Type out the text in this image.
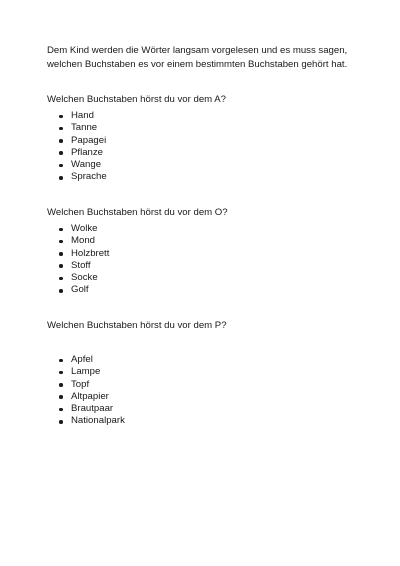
Dem Kind werden die Wörter langsam vorgelesen und es muss sagen,
welchen Buchstaben es vor einem bestimmten Buchstaben gehört hat.
Welchen Buchstaben hörst du vor dem A?
Hand
Tanne
Papagei
Pflanze
Wange
Sprache
Welchen Buchstaben hörst du vor dem O?
Wolke
Mond
Holzbrett
Stoff
Socke
Golf
Welchen Buchstaben hörst du vor dem P?
Apfel
Lampe
Topf
Altpapier
Brautpaar
Nationalpark
